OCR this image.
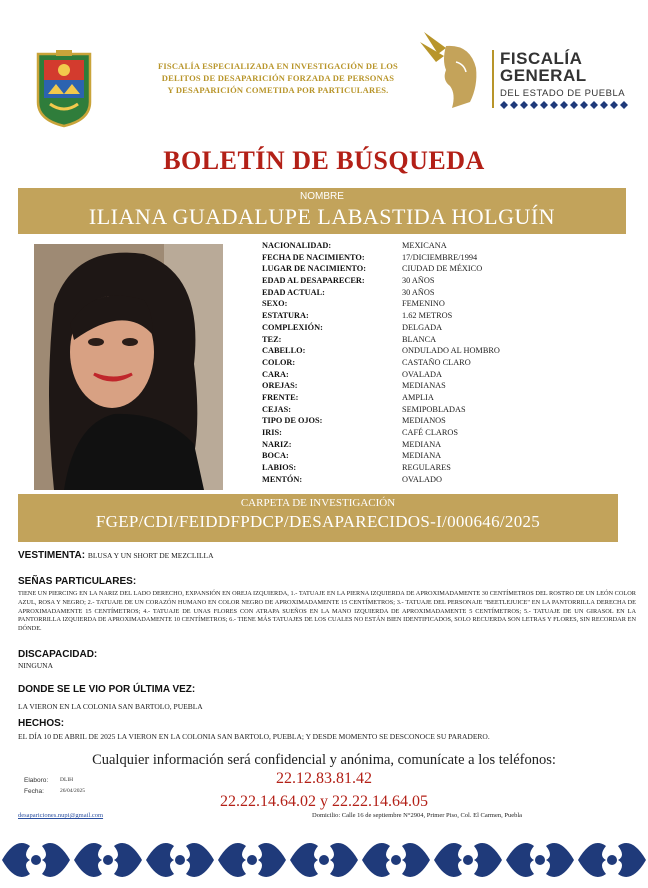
FISCALÍA ESPECIALIZADA EN INVESTIGACIÓN DE LOS DELITOS DE DESAPARICIÓN FORZADA DE PERSONAS Y DESAPARICIÓN COMETIDA POR PARTICULARES.
FISCALÍA
GENERAL
DEL ESTADO DE PUEBLA
BOLETÍN DE BÚSQUEDA
NOMBRE
ILIANA GUADALUPE LABASTIDA HOLGUÍN
NACIONALIDAD:	MEXICANA
FECHA DE NACIMIENTO:	17/DICIEMBRE/1994
LUGAR DE NACIMIENTO:	CIUDAD DE MÉXICO
EDAD AL DESAPARECER:	30 AÑOS
EDAD ACTUAL:	30 AÑOS
SEXO:	FEMENINO
ESTATURA:	1.62 METROS
COMPLEXIÓN:	DELGADA
TEZ:	BLANCA
CABELLO:	ONDULADO AL HOMBRO
COLOR:	CASTAÑO CLARO
CARA:	OVALADA
OREJAS:	MEDIANAS
FRENTE:	AMPLIA
CEJAS:	SEMIPOBLADAS
TIPO DE OJOS:	MEDIANOS
IRIS:	CAFÉ CLAROS
NARIZ:	MEDIANA
BOCA:	MEDIANA
LABIOS:	REGULARES
MENTÓN:	OVALADO
CARPETA DE INVESTIGACIÓN
FGEP/CDI/FEIDDFPDCP/DESAPARECIDOS-I/000646/2025
VESTIMENTA: BLUSA Y UN SHORT DE MEZCLILLA
SEÑAS PARTICULARES:
TIENE UN PIERCING EN LA NARIZ DEL LADO DERECHO, EXPANSIÓN EN OREJA IZQUIERDA, 1.- TATUAJE EN LA PIERNA IZQUIERDA DE APROXIMADAMENTE 30 CENTÍMETROS DEL ROSTRO DE UN LEÓN COLOR AZUL, ROSA Y NEGRO; 2.- TATUAJE DE UN CORAZÓN HUMANO EN COLOR NEGRO DE APROXIMADAMENTE 15 CENTÍMETROS; 3.- TATUAJE DEL PERSONAJE "BEETLEJUICE" EN LA PANTORRILLA DERECHA DE APROXIMADAMENTE 15 CENTÍMETROS; 4.- TATUAJE DE UNAS FLORES CON ATRAPA SUEÑOS EN LA MANO IZQUIERDA DE APROXIMADAMENTE 5 CENTÍMETROS; 5.- TATUAJE DE UN GIRASOL EN LA PANTORRILLA IZQUIERDA DE APROXIMADAMENTE 10 CENTÍMETROS; 6.- TIENE MÁS TATUAJES DE LOS CUALES NO ESTÁN BIEN IDENTIFICADOS, SOLO RECUERDA SON LETRAS Y FLORES, SIN RECORDAR EN DÓNDE.
DISCAPACIDAD:
NINGUNA
DONDE SE LE VIO POR ÚLTIMA VEZ:
LA VIERON EN LA COLONIA SAN BARTOLO, PUEBLA
HECHOS:
EL DÍA 10 DE ABRIL DE 2025 LA VIERON EN LA COLONIA SAN BARTOLO, PUEBLA; Y DESDE MOMENTO SE DESCONOCE SU PARADERO.
Cualquier información será confidencial y anónima, comunícate a los teléfonos:
22.12.83.81.42
22.22.14.64.02 y 22.22.14.64.05
Elaboro: DLIH
Fecha:	26/04/2025
desapariciones.nupi@gmail.com	Domicilio: Calle 16 de septiembre N°2904, Primer Piso, Col. El Carmen, Puebla
